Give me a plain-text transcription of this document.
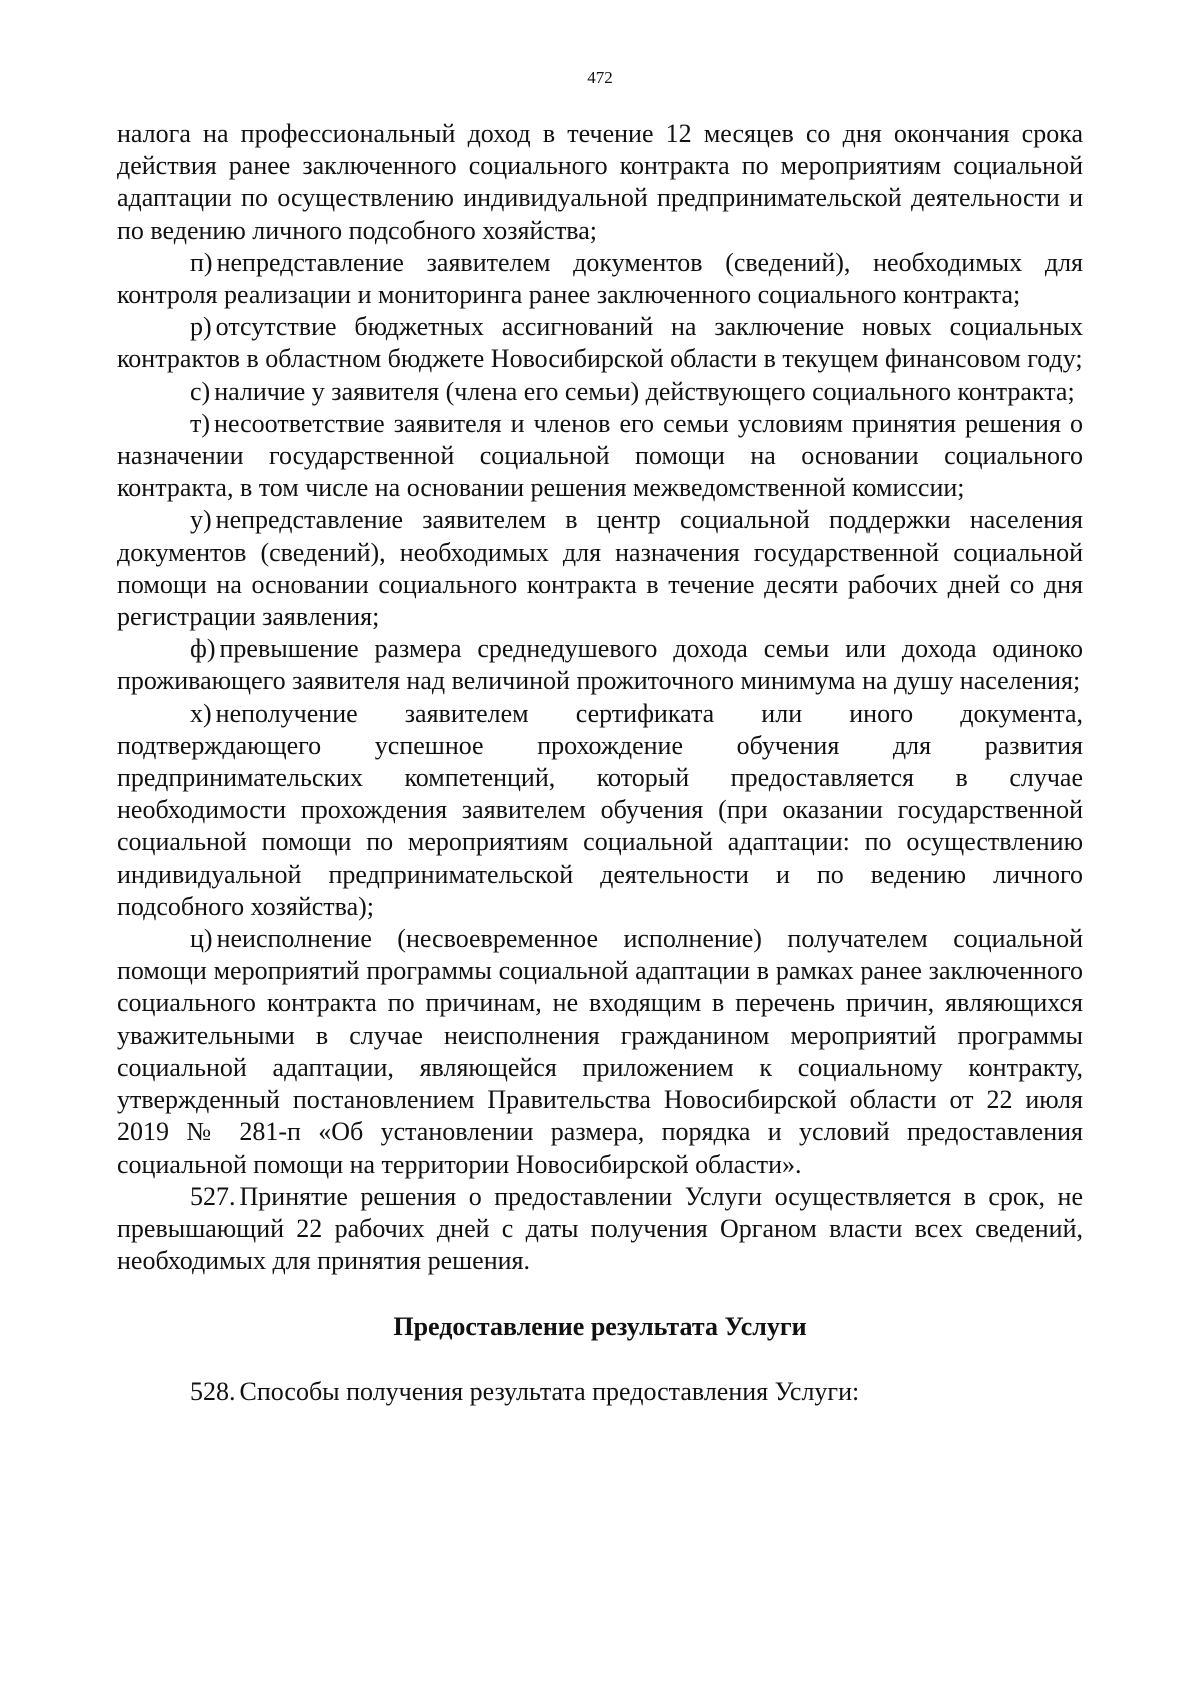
472

налога на профессиональный доход в течение 12 месяцев со дня окончания срока действия ранее заключенного социального контракта по мероприятиям социальной адаптации по осуществлению индивидуальной предпринимательской деятельности и по ведению личного подсобного хозяйства;

п) непредставление заявителем документов (сведений), необходимых для контроля реализации и мониторинга ранее заключенного социального контракта;

р) отсутствие бюджетных ассигнований на заключение новых социальных контрактов в областном бюджете Новосибирской области в текущем финансовом году;

с) наличие у заявителя (члена его семьи) действующего социального контракта;

т) несоответствие заявителя и членов его семьи условиям принятия решения о назначении государственной социальной помощи на основании социального контракта, в том числе на основании решения межведомственной комиссии;

у) непредставление заявителем в центр социальной поддержки населения документов (сведений), необходимых для назначения государственной социальной помощи на основании социального контракта в течение десяти рабочих дней со дня регистрации заявления;

ф) превышение размера среднедушевого дохода семьи или дохода одиноко проживающего заявителя над величиной прожиточного минимума на душу населения;

х) неполучение заявителем сертификата или иного документа, подтверждающего успешное прохождение обучения для развития предпринимательских компетенций, который предоставляется в случае необходимости прохождения заявителем обучения (при оказании государственной социальной помощи по мероприятиям социальной адаптации: по осуществлению индивидуальной предпринимательской деятельности и по ведению личного подсобного хозяйства);

ц) неисполнение (несвоевременное исполнение) получателем социальной помощи мероприятий программы социальной адаптации в рамках ранее заключенного социального контракта по причинам, не входящим в перечень причин, являющихся уважительными в случае неисполнения гражданином мероприятий программы социальной адаптации, являющейся приложением к социальному контракту, утвержденный постановлением Правительства Новосибирской области от 22 июля 2019 № 281-п «Об установлении размера, порядка и условий предоставления социальной помощи на территории Новосибирской области».

527. Принятие решения о предоставлении Услуги осуществляется в срок, не превышающий 22 рабочих дней с даты получения Органом власти всех сведений, необходимых для принятия решения.

Предоставление результата Услуги

528. Способы получения результата предоставления Услуги:
